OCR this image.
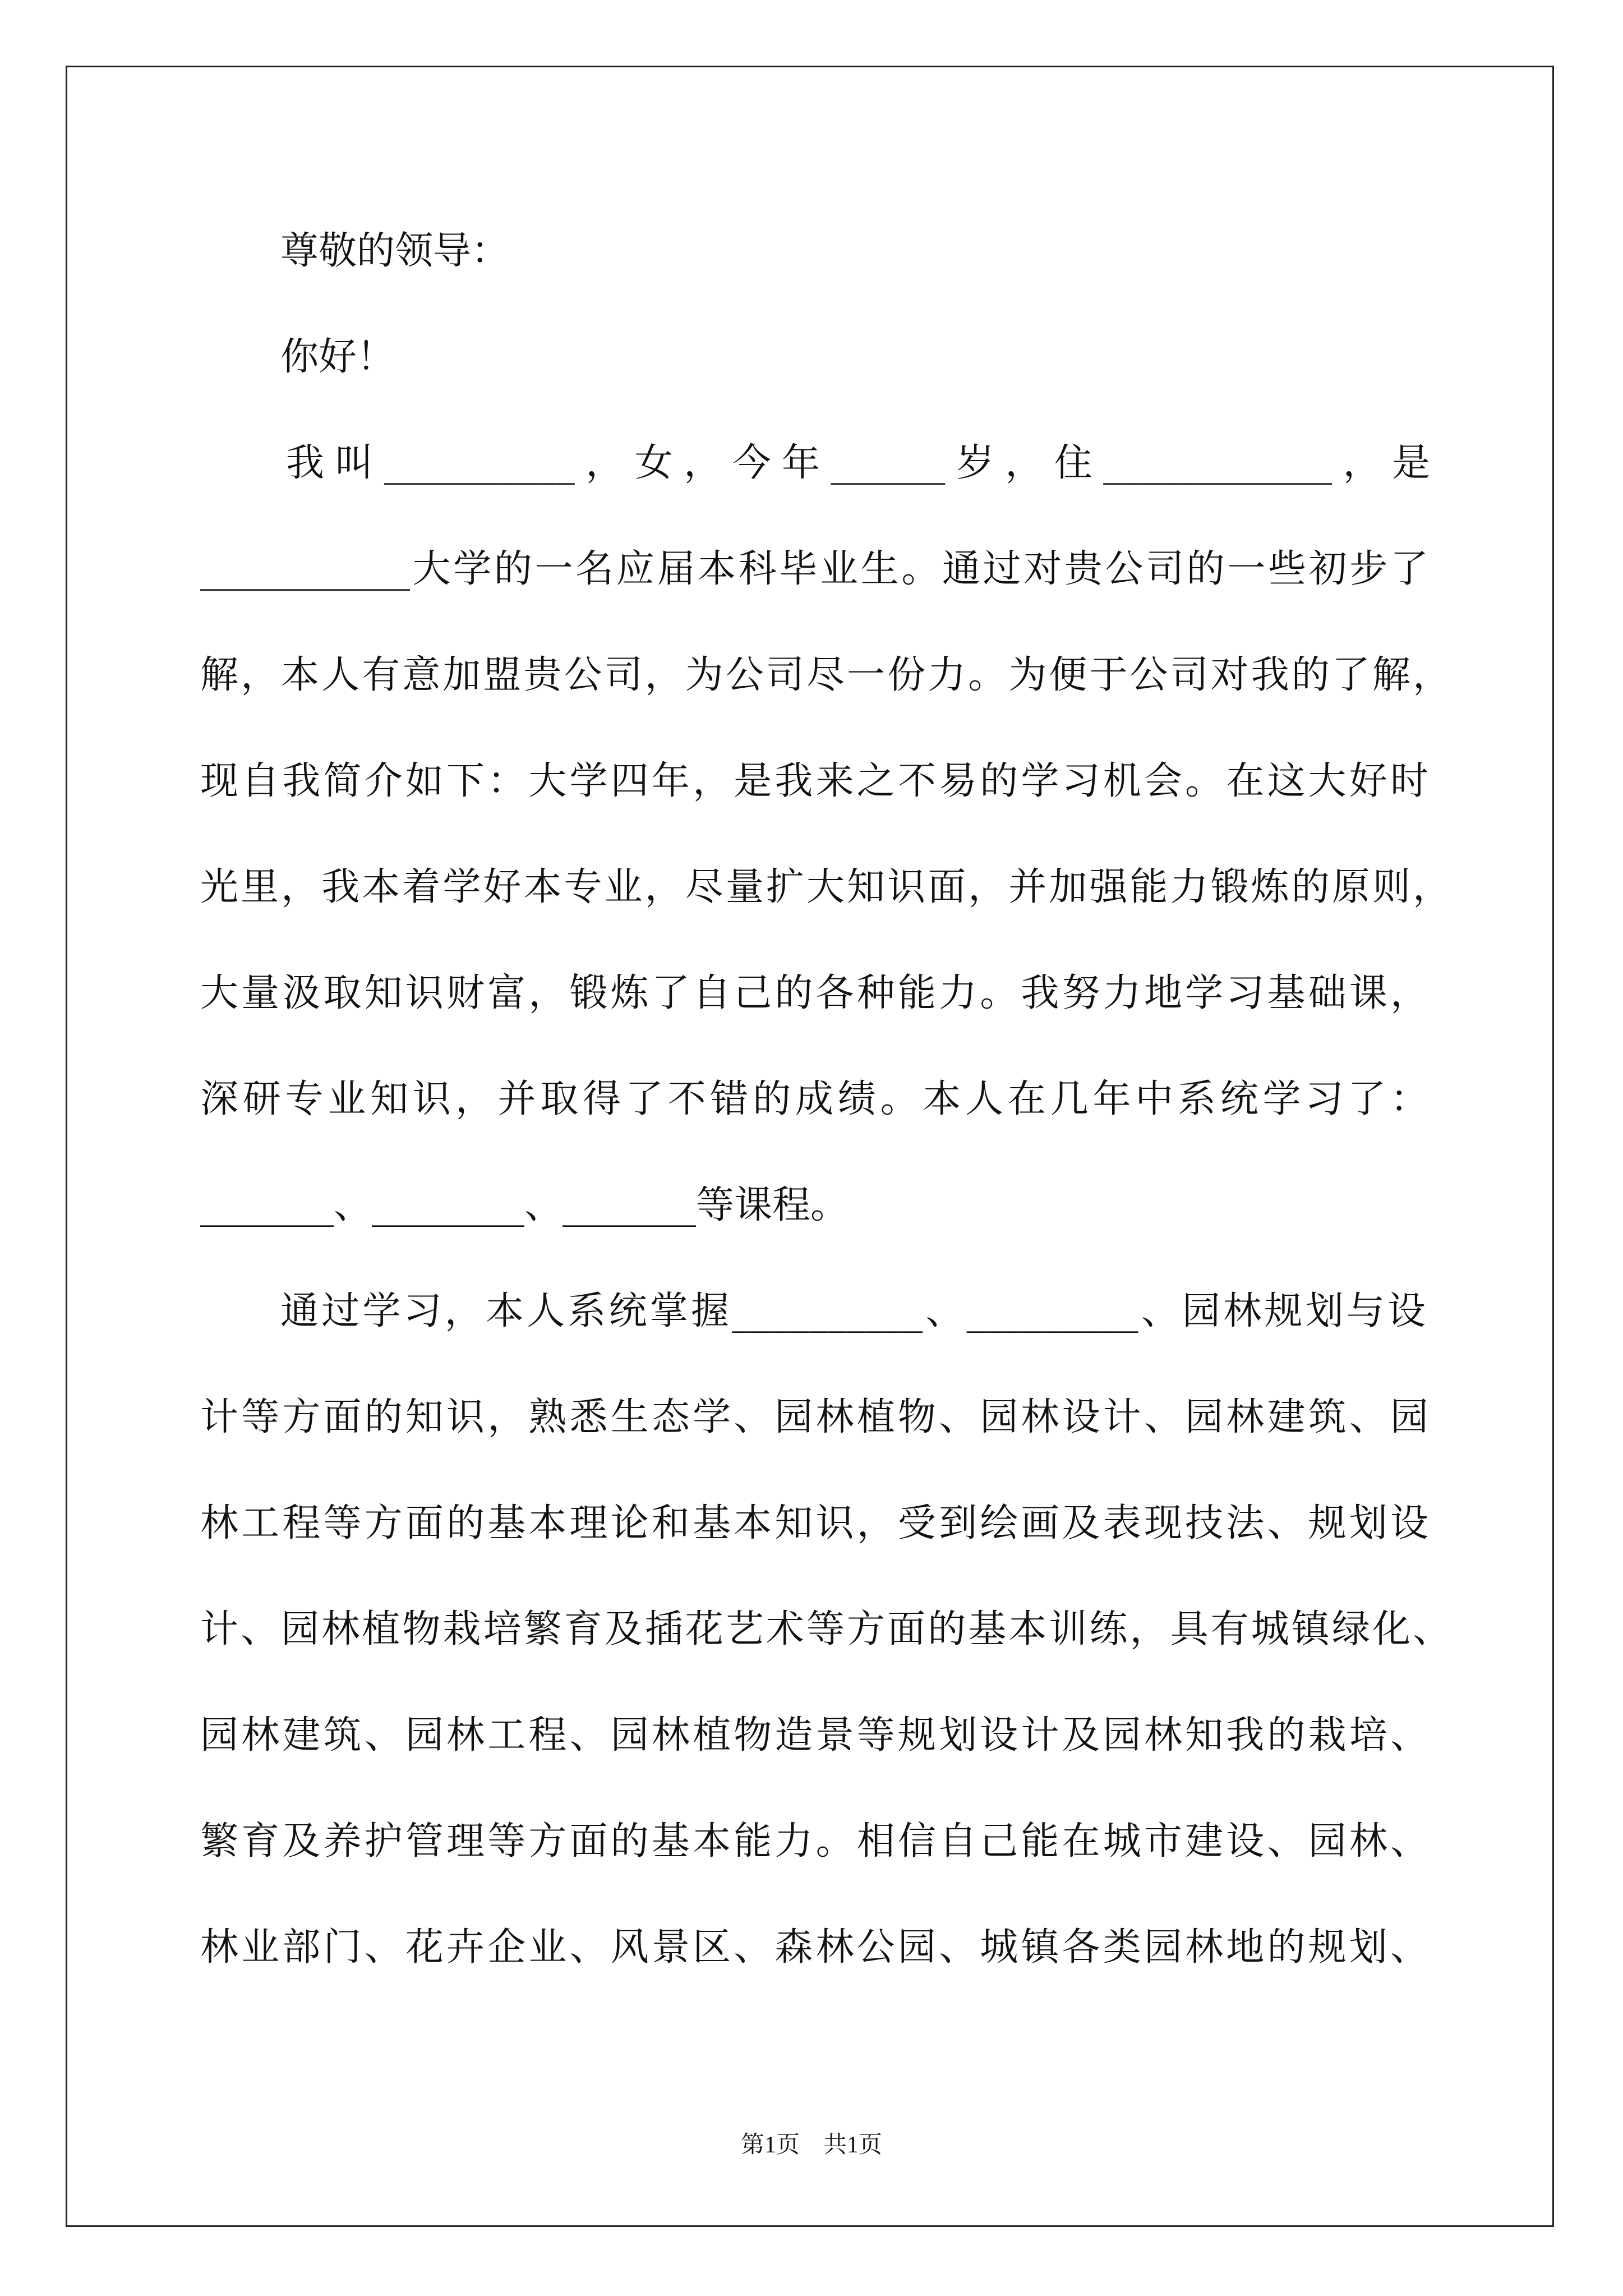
尊敬的领导：
你好！
我叫__________，女，今年______岁，住____________，是
___________大学的一名应届本科毕业生。通过对贵公司的一些初步了
解，本人有意加盟贵公司，为公司尽一份力。为便于公司对我的了解，
现自我简介如下：大学四年，是我来之不易的学习机会。在这大好时
光里，我本着学好本专业，尽量扩大知识面，并加强能力锻炼的原则，
大量汲取知识财富，锻炼了自己的各种能力。我努力地学习基础课，
深研专业知识，并取得了不错的成绩。本人在几年中系统学习了：
_______、________、_______等课程。
通过学习，本人系统掌握__________、_________、园林规划与设
计等方面的知识，熟悉生态学、园林植物、园林设计、园林建筑、园
林工程等方面的基本理论和基本知识，受到绘画及表现技法、规划设
计、园林植物栽培繁育及插花艺术等方面的基本训练，具有城镇绿化、
园林建筑、园林工程、园林植物造景等规划设计及园林知我的栽培、
繁育及养护管理等方面的基本能力。相信自己能在城市建设、园林、
林业部门、花卉企业、风景区、森林公园、城镇各类园林地的规划、
第1页　共1页
